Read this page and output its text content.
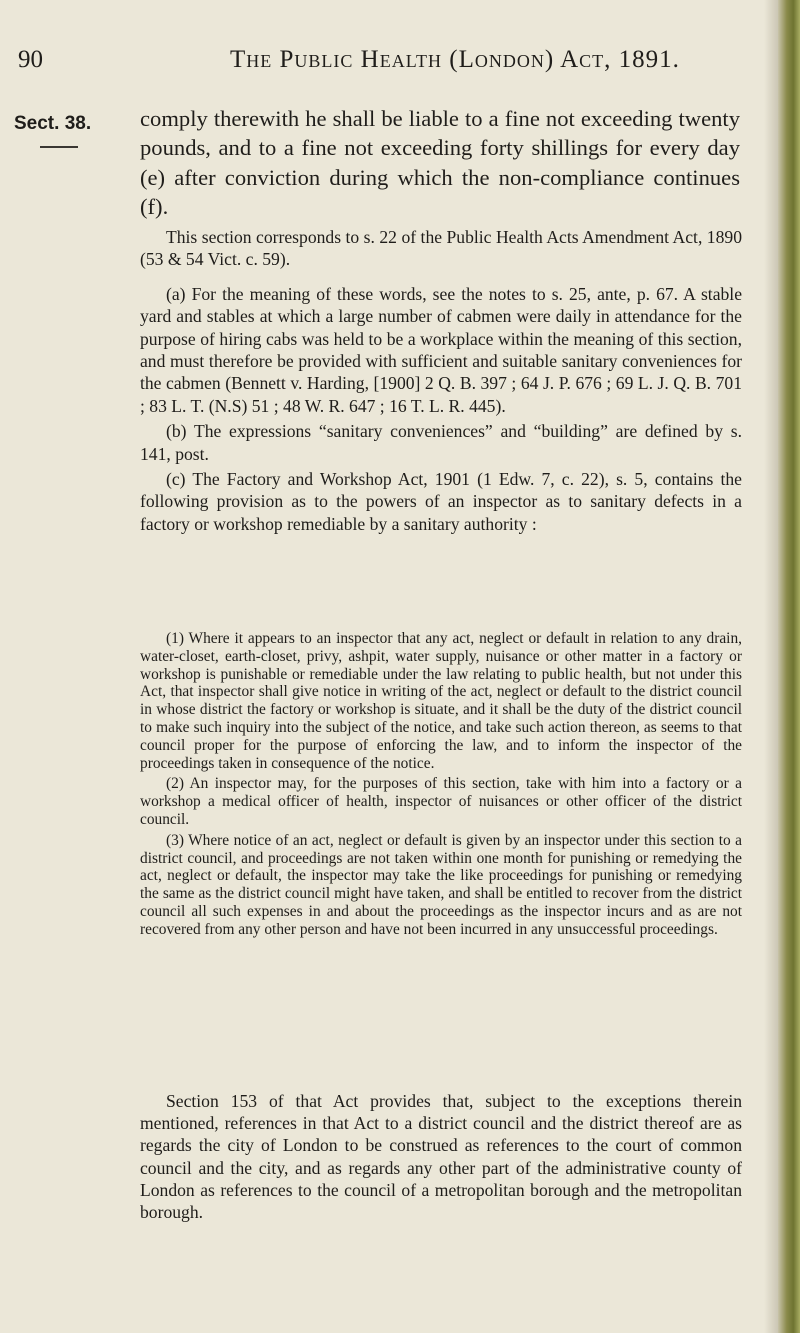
90	The Public Health (London) Act, 1891.
Sect. 38. comply therewith he shall be liable to a fine not exceeding twenty pounds, and to a fine not exceeding forty shillings for every day (e) after conviction during which the non-compliance continues (f).

This section corresponds to s. 22 of the Public Health Acts Amendment Act, 1890 (53 & 54 Vict. c. 59).

(a) For the meaning of these words, see the notes to s. 25, ante, p. 67. A stable yard and stables at which a large number of cabmen were daily in attendance for the purpose of hiring cabs was held to be a workplace within the meaning of this section, and must therefore be provided with sufficient and suitable sanitary conveniences for the cabmen (Bennett v. Harding, [1900] 2 Q. B. 397 ; 64 J. P. 676 ; 69 L. J. Q. B. 701 ; 83 L. T. (N.S) 51 ; 48 W. R. 647 ; 16 T. L. R. 445).

(b) The expressions “sanitary conveniences” and “building” are defined by s. 141, post.

(c) The Factory and Workshop Act, 1901 (1 Edw. 7, c. 22), s. 5, contains the following provision as to the powers of an inspector as to sanitary defects in a factory or workshop remediable by a sanitary authority :

(1) Where it appears to an inspector that any act, neglect or default in relation to any drain, water-closet, earth-closet, privy, ashpit, water supply, nuisance or other matter in a factory or workshop is punishable or remediable under the law relating to public health, but not under this Act, that inspector shall give notice in writing of the act, neglect or default to the district council in whose district the factory or workshop is situate, and it shall be the duty of the district council to make such inquiry into the subject of the notice, and take such action thereon, as seems to that council proper for the purpose of enforcing the law, and to inform the inspector of the proceedings taken in consequence of the notice.

(2) An inspector may, for the purposes of this section, take with him into a factory or a workshop a medical officer of health, inspector of nuisances or other officer of the district council.

(3) Where notice of an act, neglect or default is given by an inspector under this section to a district council, and proceedings are not taken within one month for punishing or remedying the act, neglect or default, the inspector may take the like proceedings for punishing or remedying the same as the district council might have taken, and shall be entitled to recover from the district council all such expenses in and about the proceedings as the inspector incurs and as are not recovered from any other person and have not been incurred in any unsuccessful proceedings.

Section 153 of that Act provides that, subject to the exceptions therein mentioned, references in that Act to a district council and the district thereof are as regards the city of London to be construed as references to the court of common council and the city, and as regards any other part of the administrative county of London as references to the council of a metropolitan borough and the metropolitan borough.
